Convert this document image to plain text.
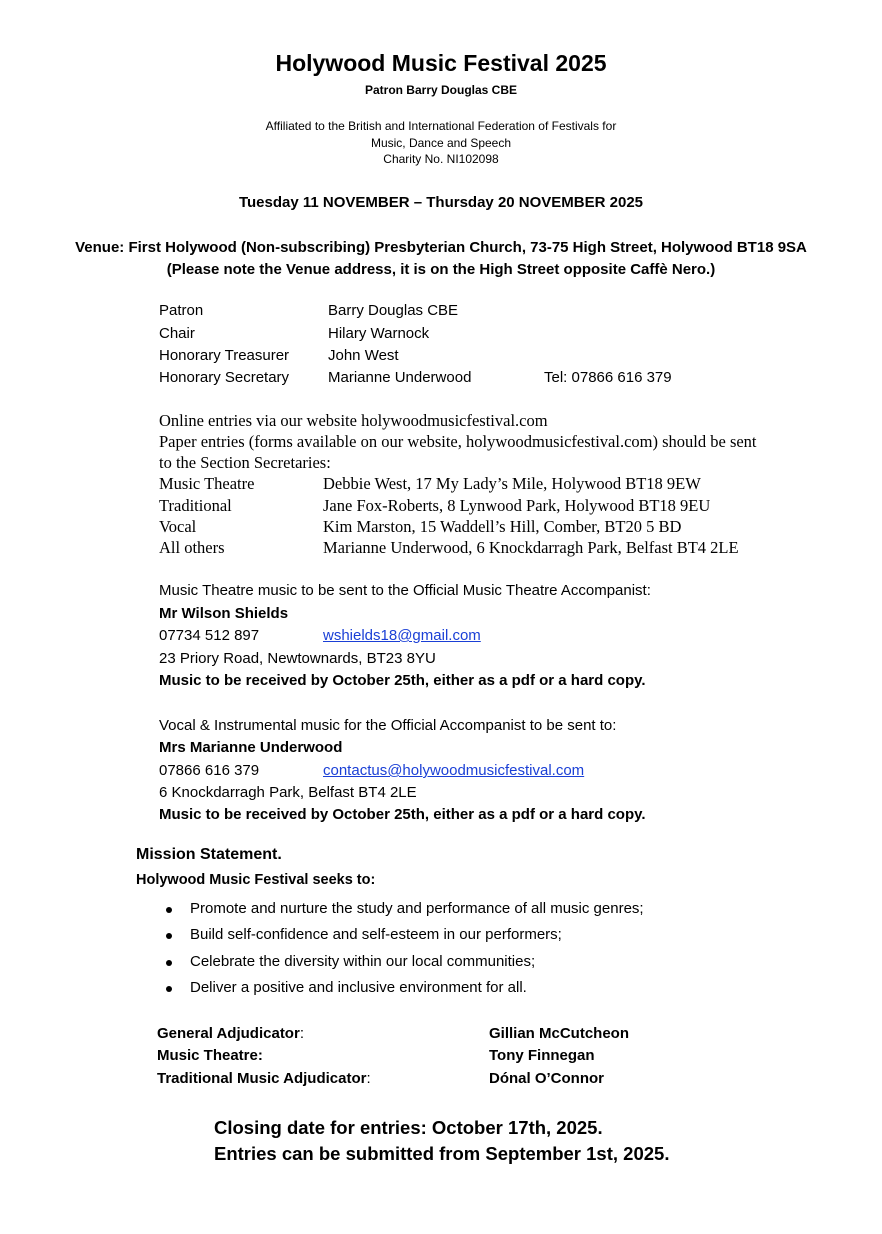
Holywood Music Festival 2025
Patron Barry Douglas CBE
Affiliated to the British and International Federation of Festivals for
Music, Dance and Speech
Charity No. NI102098
Tuesday 11 NOVEMBER – Thursday 20 NOVEMBER 2025
Venue: First Holywood (Non-subscribing) Presbyterian Church, 73-75 High Street, Holywood BT18 9SA
(Please note the Venue address, it is on the High Street opposite Caffè Nero.)
Patron	Barry Douglas CBE
Chair	Hilary Warnock
Honorary Treasurer	John West
Honorary Secretary	Marianne Underwood	Tel: 07866 616 379
Online entries via our website holywoodmusicfestival.com
Paper entries (forms available on our website, holywoodmusicfestival.com) should be sent
to the Section Secretaries:
Music Theatre	Debbie West, 17 My Lady’s Mile, Holywood BT18 9EW
Traditional	Jane Fox-Roberts, 8 Lynwood Park, Holywood BT18 9EU
Vocal	Kim Marston, 15 Waddell’s Hill, Comber, BT20 5 BD
All others	Marianne Underwood, 6 Knockdarragh Park, Belfast BT4 2LE
Music Theatre music to be sent to the Official Music Theatre Accompanist:
Mr Wilson Shields
07734 512 897	wshields18@gmail.com
23 Priory Road, Newtownards, BT23 8YU
Music to be received by October 25th, either as a pdf or a hard copy.
Vocal & Instrumental music for the Official Accompanist to be sent to:
Mrs Marianne Underwood
07866 616 379	contactus@holywoodmusicfestival.com
6 Knockdarragh Park, Belfast BT4 2LE
Music to be received by October 25th, either as a pdf or a hard copy.
Mission Statement.
Holywood Music Festival seeks to:
Promote and nurture the study and performance of all music genres;
Build self-confidence and self-esteem in our performers;
Celebrate the diversity within our local communities;
Deliver a positive and inclusive environment for all.
General Adjudicator:	Gillian McCutcheon
Music Theatre:	Tony Finnegan
Traditional Music Adjudicator:	Dónal O’Connor
Closing date for entries: October 17th, 2025.
Entries can be submitted from September 1st, 2025.
